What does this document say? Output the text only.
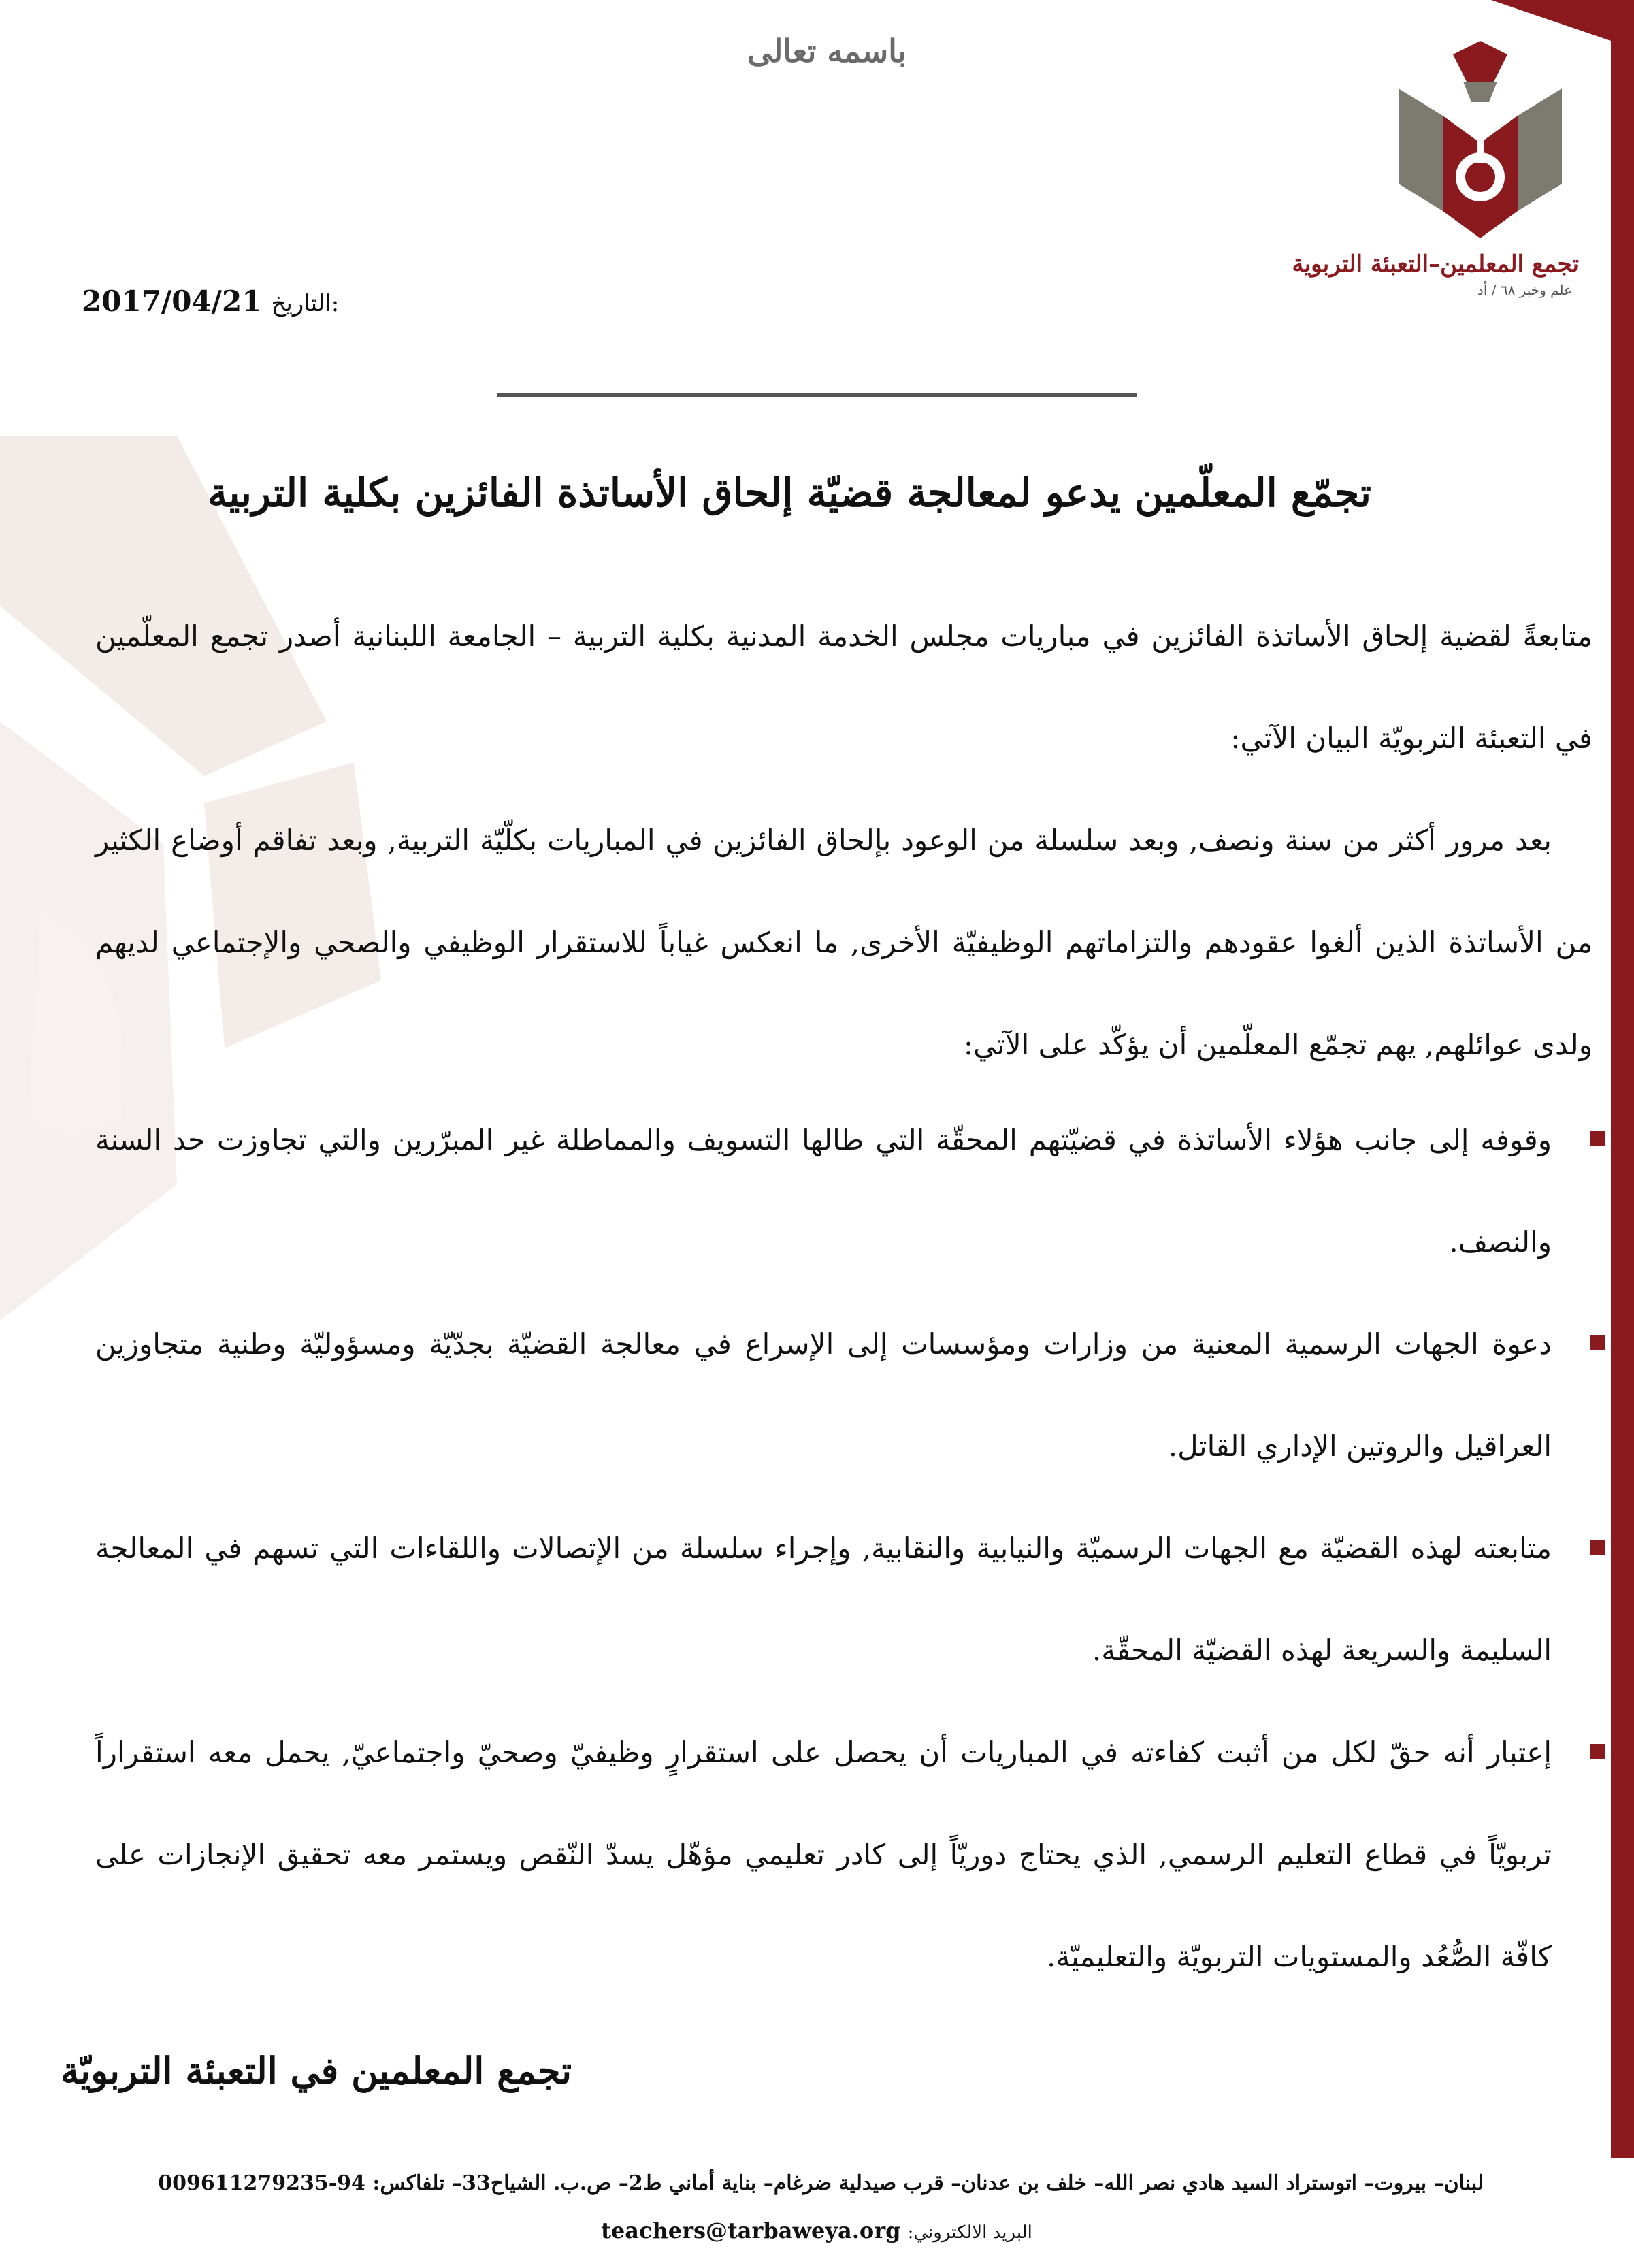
باسمه تعالى
تجمع المعلمين–التعبئة التربوية
علم وخبر ٦٨ / أد
2017/04/21 التاريخ:
تجمّع المعلّمين يدعو لمعالجة قضيّة إلحاق الأساتذة الفائزين بكلية التربية
متابعةً لقضية إلحاق الأساتذة الفائزين في مباريات مجلس الخدمة المدنية بكلية التربية – الجامعة اللبنانية أصدر تجمع المعلّمين في التعبئة التربويّة البيان الآتي:
بعد مرور أكثر من سنة ونصف, وبعد سلسلة من الوعود بإلحاق الفائزين في المباريات بكلّيّة التربية, وبعد تفاقم أوضاع الكثير من الأساتذة الذين ألغوا عقودهم والتزاماتهم الوظيفيّة الأخرى, ما انعكس غياباً للاستقرار الوظيفي والصحي والإجتماعي لديهم ولدى عوائلهم, يهم تجمّع المعلّمين أن يؤكّد على الآتي:
وقوفه إلى جانب هؤلاء الأساتذة في قضيّتهم المحقّة التي طالها التسويف والمماطلة غير المبرّرين والتي تجاوزت حد السنة والنصف.
دعوة الجهات الرسمية المعنية من وزارات ومؤسسات إلى الإسراع في معالجة القضيّة بجدّيّة ومسؤوليّة وطنية متجاوزين العراقيل والروتين الإداري القاتل.
متابعته لهذه القضيّة مع الجهات الرسميّة والنيابية والنقابية, وإجراء سلسلة من الإتصالات واللقاءات التي تسهم في المعالجة السليمة والسريعة لهذه القضيّة المحقّة.
إعتبار أنه حقّ لكل من أثبت كفاءته في المباريات أن يحصل على استقرارٍ وظيفيّ وصحيّ واجتماعيّ, يحمل معه استقراراً تربويّاً في قطاع التعليم الرسمي, الذي يحتاج دوريّاً إلى كادر تعليمي مؤهّل يسدّ النّقص ويستمر معه تحقيق الإنجازات على كافّة الصُّعُد والمستويات التربويّة والتعليميّة.
تجمع المعلمين في التعبئة التربويّة
لبنان– بيروت– اتوستراد السيد هادي نصر الله– خلف بن عدنان– قرب صيدلية ضرغام– بناية أماني ط2– ص.ب. الشياح33– تلفاكس: 94-009611279235
البريد الالكتروني: teachers@tarbaweya.org
